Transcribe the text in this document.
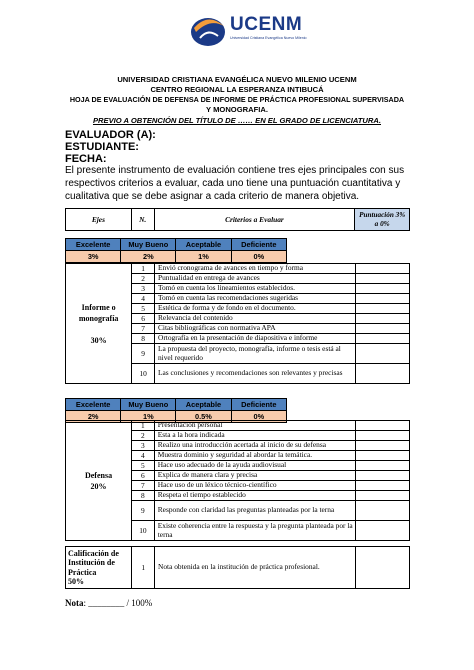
UCENM
Universidad Cristiana Evangélica Nuevo Milenio
UNIVERSIDAD CRISTIANA EVANGÉLICA NUEVO MILENIO UCENM
CENTRO REGIONAL LA ESPERANZA INTIBUCÁ
HOJA DE EVALUACIÓN DE DEFENSA DE INFORME DE PRÁCTICA PROFESIONAL SUPERVISADA
Y MONOGRAFIA.
PREVIO A OBTENCIÓN DEL TÍTULO DE …… EN EL GRADO DE LICENCIATURA.
EVALUADOR (A):
ESTUDIANTE:
FECHA:
El presente instrumento de evaluación contiene tres ejes principales con sus respectivos criterios a evaluar, cada uno tiene una puntuación cuantitativa y cualitativa que se debe asignar a cada criterio de manera objetiva.
Ejes	N.	Criterios a Evaluar	Puntuación 3% a 0%
Excelente	Muy Bueno	Aceptable	Deficiente
3%	2%	1%	0%
Informe o monografía

30%	1	Envió cronograma de avances en tiempo y forma	
	2	Puntualidad en entrega de avances	
	3	Tomó en cuenta los lineamientos establecidos.	
	4	Tomó en cuenta las recomendaciones sugeridas	
	5	Estética de forma y de fondo en el documento.	
	6	Relevancia del contenido	
	7	Citas bibliográficas con normativa APA	
	8	Ortografía en la presentación de diapositiva e informe	
	9	La propuesta del proyecto, monografía, informe o tesis está al nivel requerido	
	10	Las conclusiones y recomendaciones son relevantes y precisas	
Excelente	Muy Bueno	Aceptable	Deficiente
2%	1%	0.5%	0%
Defensa
20%	1	Presentación personal	
	2	Esta a la hora indicada	
	3	Realizo una introducción acertada al inicio de su defensa	
	4	Muestra dominio y seguridad al abordar la temática.	
	5	Hace uso adecuado de la ayuda audiovisual	
	6	Explica de manera clara y precisa	
	7	Hace uso de un léxico técnico-científico	
	8	Respeta el tiempo establecido	
	9	Responde con claridad las preguntas planteadas por la terna	
	10	Existe coherencia entre la respuesta y la pregunta planteada por la terna	
Calificación de Institución de Práctica
50%	1	Nota obtenida en la institución de práctica profesional.	
Nota: ________ / 100%
